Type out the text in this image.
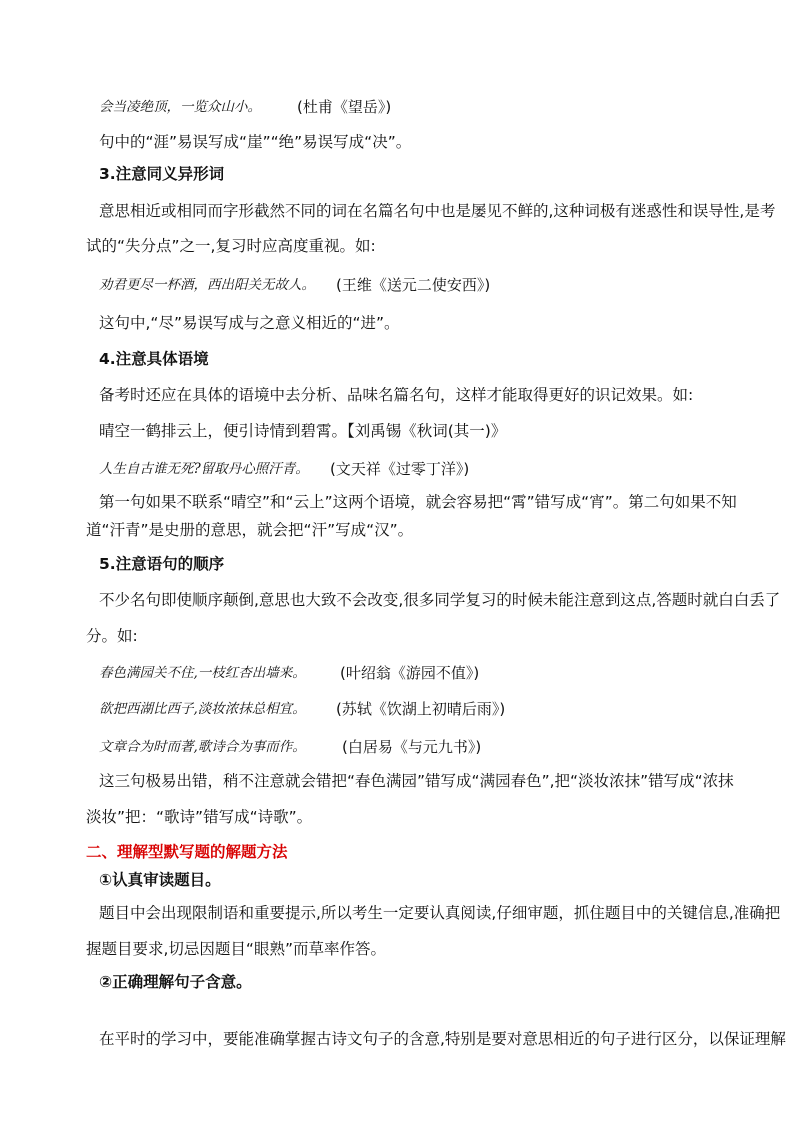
会当凌绝顶，一览众山小。 (杜甫《望岳》)
句中的“涯”易误写成“崖”“绝”易误写成“决”。
3.注意同义异形词
意思相近或相同而字形截然不同的词在名篇名句中也是屡见不鲜的,这种词极有迷惑性和误导性,是考
试的“失分点”之一,复习时应高度重视。如:
劝君更尽一杯酒，西出阳关无故人。 (王维《送元二使安西》)
这句中,“尽”易误写成与之意义相近的“进”。
4.注意具体语境
备考时还应在具体的语境中去分析、品味名篇名句，这样才能取得更好的识记效果。如:
晴空一鹤排云上，便引诗情到碧霄。【刘禹锡《秋词(其一)》
人生自古谁无死?留取丹心照汗青。 (文天祥《过零丁洋》)
第一句如果不联系“晴空”和“云上”这两个语境，就会容易把“霄”错写成“宵”。第二句如果不知
道“汗青”是史册的意思，就会把“汗”写成“汉”。
5.注意语句的顺序
不少名句即使顺序颠倒,意思也大致不会改变,很多同学复习的时候未能注意到这点,答题时就白白丢了
分。如:
春色满园关不住,一枝红杏出墙来。 (叶绍翁《游园不值》)
欲把西湖比西子,淡妆浓抹总相宜。 (苏轼《饮湖上初晴后雨》)
文章合为时而著,歌诗合为事而作。 (白居易《与元九书》)
这三句极易出错，稍不注意就会错把“春色满园”错写成“满园春色”,把“淡妆浓抹”错写成“浓抹
淡妆”把：“歌诗”错写成“诗歌”。
二、理解型默写题的解题方法
①认真审读题目。
题目中会出现限制语和重要提示,所以考生一定要认真阅读,仔细审题，抓住题目中的关键信息,准确把
握题目要求,切忌因题目“眼熟”而草率作答。
②正确理解句子含意。
在平时的学习中，要能准确掌握古诗文句子的含意,特别是要对意思相近的句子进行区分，以保证理解
